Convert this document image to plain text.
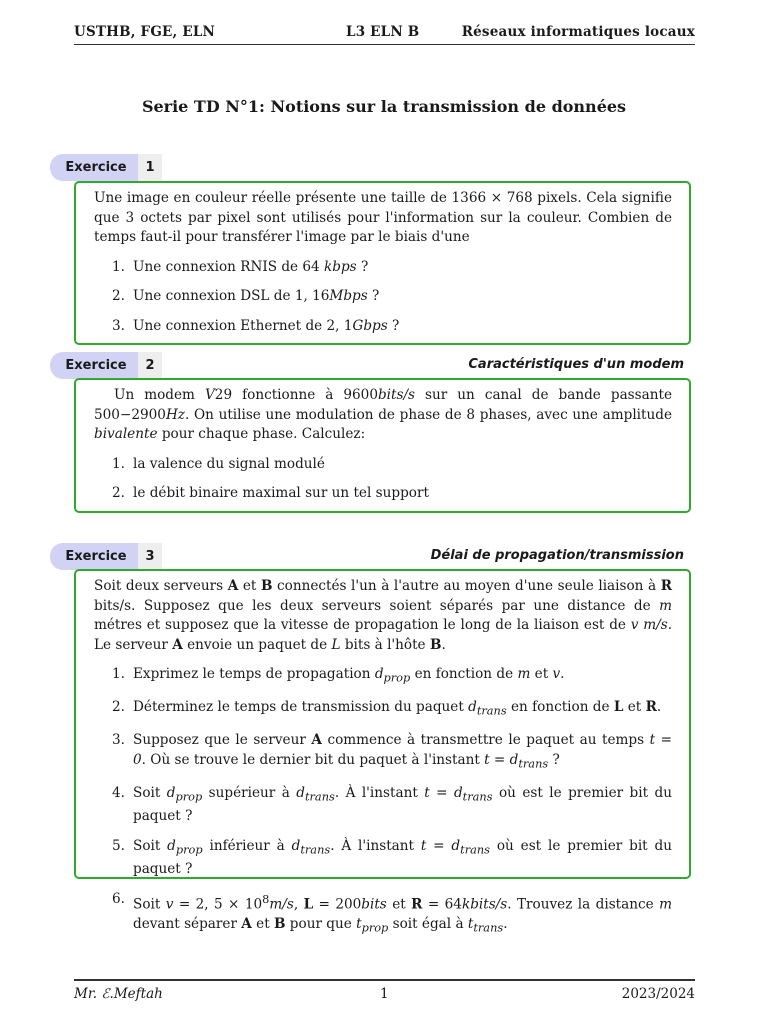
USTHB, FGE, ELN	L3 ELN B	Réseaux informatiques locaux
Serie TD N°1: Notions sur la transmission de données
Exercice	1

Une image en couleur réelle présente une taille de 1366 × 768 pixels. Cela signifie que 3 octets par pixel sont utilisés pour l'information sur la couleur. Combien de temps faut-il pour transférer l'image par le biais d'une

1. Une connexion RNIS de 64 kbps ?
2. Une connexion DSL de 1, 16Mbps ?
3. Une connexion Ethernet de 2, 1Gbps ?
Exercice	2	Caractéristiques d'un modem

Un modem V29 fonctionne à 9600bits/s sur un canal de bande passante 500−2900Hz. On utilise une modulation de phase de 8 phases, avec une amplitude bivalente pour chaque phase. Calculez:

1. la valence du signal modulé
2. le débit binaire maximal sur un tel support
Exercice	3	Délai de propagation/transmission

Soit deux serveurs A et B connectés l'un à l'autre au moyen d'une seule liaison à R bits/s. Supposez que les deux serveurs soient séparés par une distance de m métres et supposez que la vitesse de propagation le long de la liaison est de v m/s. Le serveur A envoie un paquet de L bits à l'hôte B.

1. Exprimez le temps de propagation $d_{prop}$ en fonction de m et v.
2. Déterminez le temps de transmission du paquet $d_{trans}$ en fonction de L et R.
3. Supposez que le serveur A commence à transmettre le paquet au temps t = 0. Où se trouve le dernier bit du paquet à l'instant $t = d_{trans}$ ?
4. Soit $d_{prop}$ supérieur à $d_{trans}$. À l'instant $t = d_{trans}$ où est le premier bit du paquet ?
5. Soit $d_{prop}$ inférieur à $d_{trans}$. À l'instant $t = d_{trans}$ où est le premier bit du paquet ?
6. Soit v = 2, $5 \times 10^8m/s$, L = 200bits et R = 64kbits/s. Trouvez la distance m devant séparer A et B pour que $t_{prop}$ soit égal à $t_{trans}$.
Mr. ℰ.Meftah	1	2023/2024
